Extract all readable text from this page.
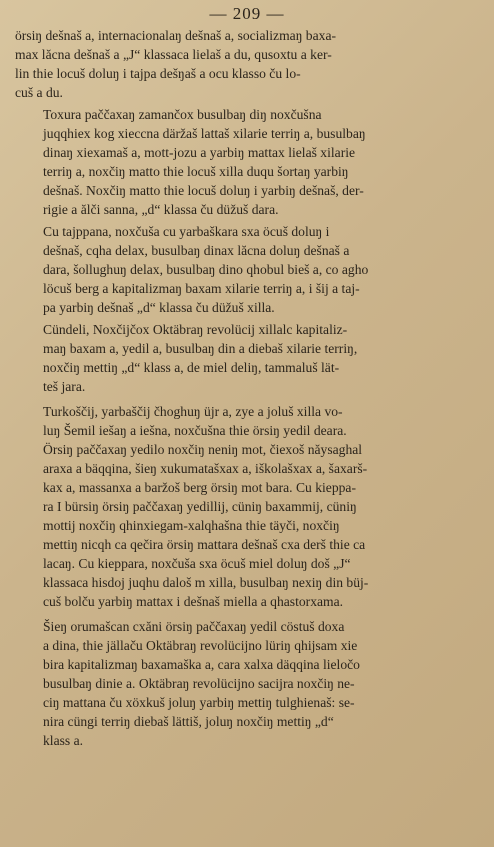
— 209 —

örsiŋ dešnaš a, internacionalaŋ dešnaš a, socializmaŋ baxa-
max lăcna dešnaš a „J“ klassaca lielaš a du, qusoxtu a ker-
lin thie locuš doluŋ i tajpa dešŋaš a ocu klasso ču lo-
cuš a du.

Toxura paččaxaŋ zamančox busulbaŋ diŋ noxčušna
juqqhiex kog xieccna däržaš lattaš xilarie terriŋ a, busulbaŋ
dinaŋ xiexamaš a, mott-jozu a yarbiŋ mattax lielaš xilarie
terriŋ a, noxčiŋ matto thie locuš xilla duqu šortaŋ yarbiŋ
dešnaš. Noxčiŋ matto thie locuš doluŋ i yarbiŋ dešnaš, der-
rigie a ălči sanna, „d“ klassa ču düžuš dara.

Cu tajppana, noxčuša cu yarbaškara sxa öcuš doluŋ i
dešnaš, cqha delax, busulbaŋ dinax lăcna doluŋ dešnaš a
dara, šollughuŋ delax, busulbaŋ dino qhobul bieš a, co agho
löcuš berg a kapitalizmaŋ baxam xilarie terriŋ a, i šij a taj-
pa yarbiŋ dešnaš „d“ klassa ču düžuš xilla.

Cündeli, Noxčijčox Oktäbraŋ revolücij xillalc kapitaliz-
maŋ baxam a, yedil a, busulbaŋ din a diebaš xilarie terriŋ,
noxčiŋ mettiŋ „d“ klass a, de miel deliŋ, tammaluš lät-
teš jara.

Turkoščij, yarbaščij čhoghuŋ üjr a, zye a joluš xilla vo-
luŋ Šemil iešaŋ a iešna, noxčušna thie örsiŋ yedil deara.
Örsiŋ paččaxaŋ yedilo noxčiŋ neniŋ mot, čiexoš năysaghal
araxa a bäqqina, šieŋ xukumatašxax a, iškolašxax a, šaxarš-
kax a, massanxa a baržoš berg örsiŋ mot bara. Cu kieppa-
ra I bürsiŋ örsiŋ paččaxaŋ yedillij, cüniŋ baxammij, cüniŋ
mottij noxčiŋ qhinxiegam-xalqhašna thie täyči, noxčiŋ
mettiŋ nicqh ca qečira örsiŋ mattara dešnaš cxa derš thie ca
lacaŋ. Cu kieppara, noxčuša sxa öcuš miel doluŋ doš „J“
klassaca hisdoj juqhu daloš m xilla, busulbaŋ nexiŋ din büj-
cuš bolču yarbiŋ mattax i dešnaš miella a qhastorxama.

Šieŋ orumašcan cxăni örsiŋ paččaxaŋ yedil cöstuš doxa
a dina, thie jällaču Oktäbraŋ revolücijno lüriŋ qhijsam xie
bira kapitalizmaŋ baxamaška a, cara xalxa däqqina lieločo
busulbaŋ dinie a. Oktäbraŋ revolücijno sacijra noxčiŋ ne-
ciŋ mattana ču xöxkuš joluŋ yarbiŋ mettiŋ tulghienaš: se-
nira cüngi terriŋ diebaš lättiš, joluŋ noxčiŋ mettiŋ „d“
klass a.
